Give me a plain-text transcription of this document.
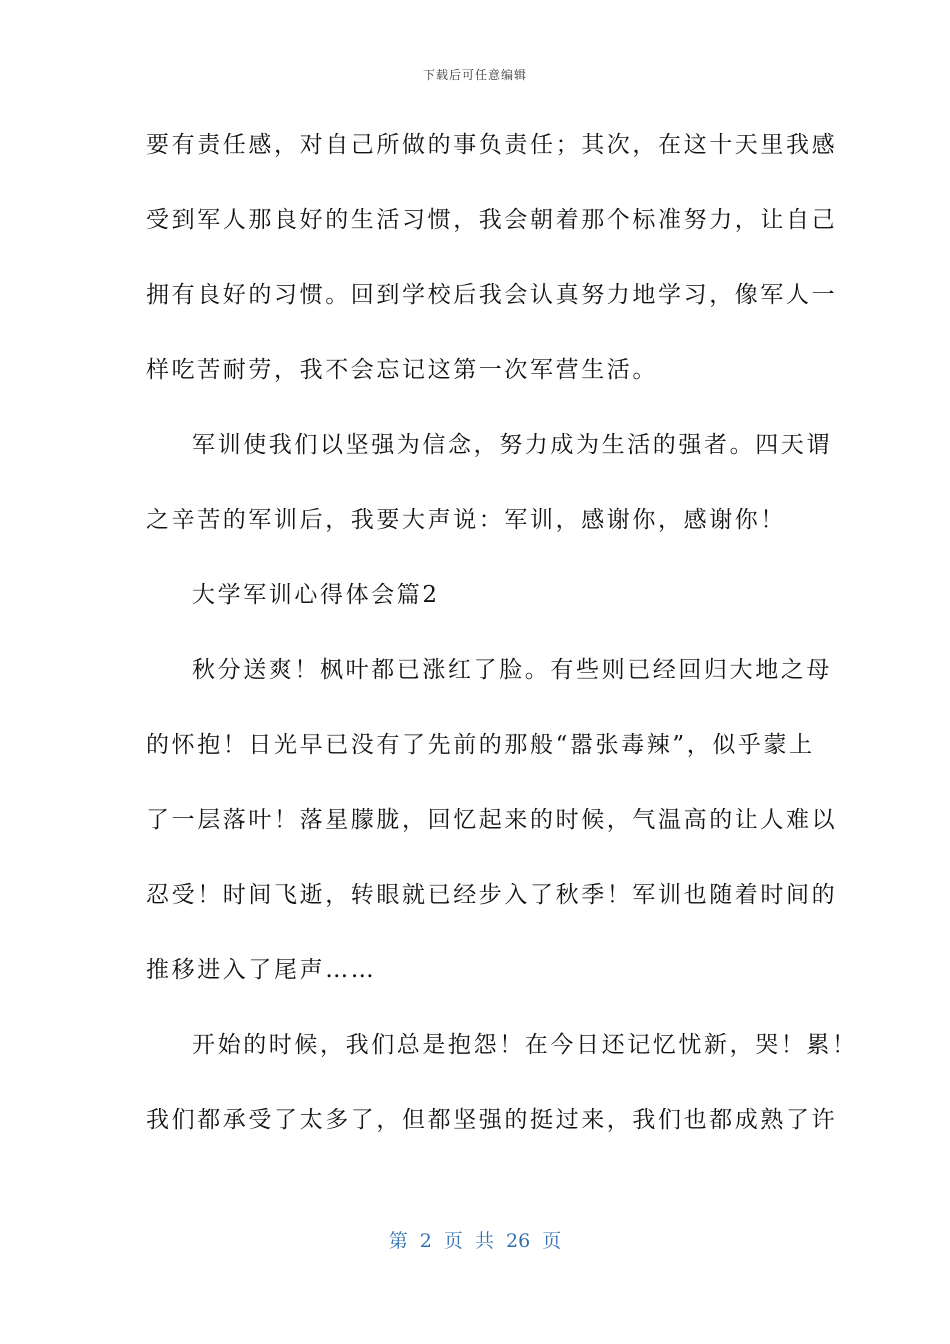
下载后可任意编辑
要有责任感，对自己所做的事负责任；其次，在这十天里我感
受到军人那良好的生活习惯，我会朝着那个标准努力，让自己
拥有良好的习惯。回到学校后我会认真努力地学习，像军人一
样吃苦耐劳，我不会忘记这第一次军营生活。
军训使我们以坚强为信念，努力成为生活的强者。四天谓
之辛苦的军训后，我要大声说：军训，感谢你，感谢你！
大学军训心得体会篇2
秋分送爽！枫叶都已涨红了脸。有些则已经回归大地之母
的怀抱！日光早已没有了先前的那般“嚣张毒辣”，似乎蒙上
了一层落叶！落星朦胧，回忆起来的时候，气温高的让人难以
忍受！时间飞逝，转眼就已经步入了秋季！军训也随着时间的
推移进入了尾声……
开始的时候，我们总是抱怨！在今日还记忆忧新，哭！累！
我们都承受了太多了，但都坚强的挺过来，我们也都成熟了许
第 2 页 共 26 页
